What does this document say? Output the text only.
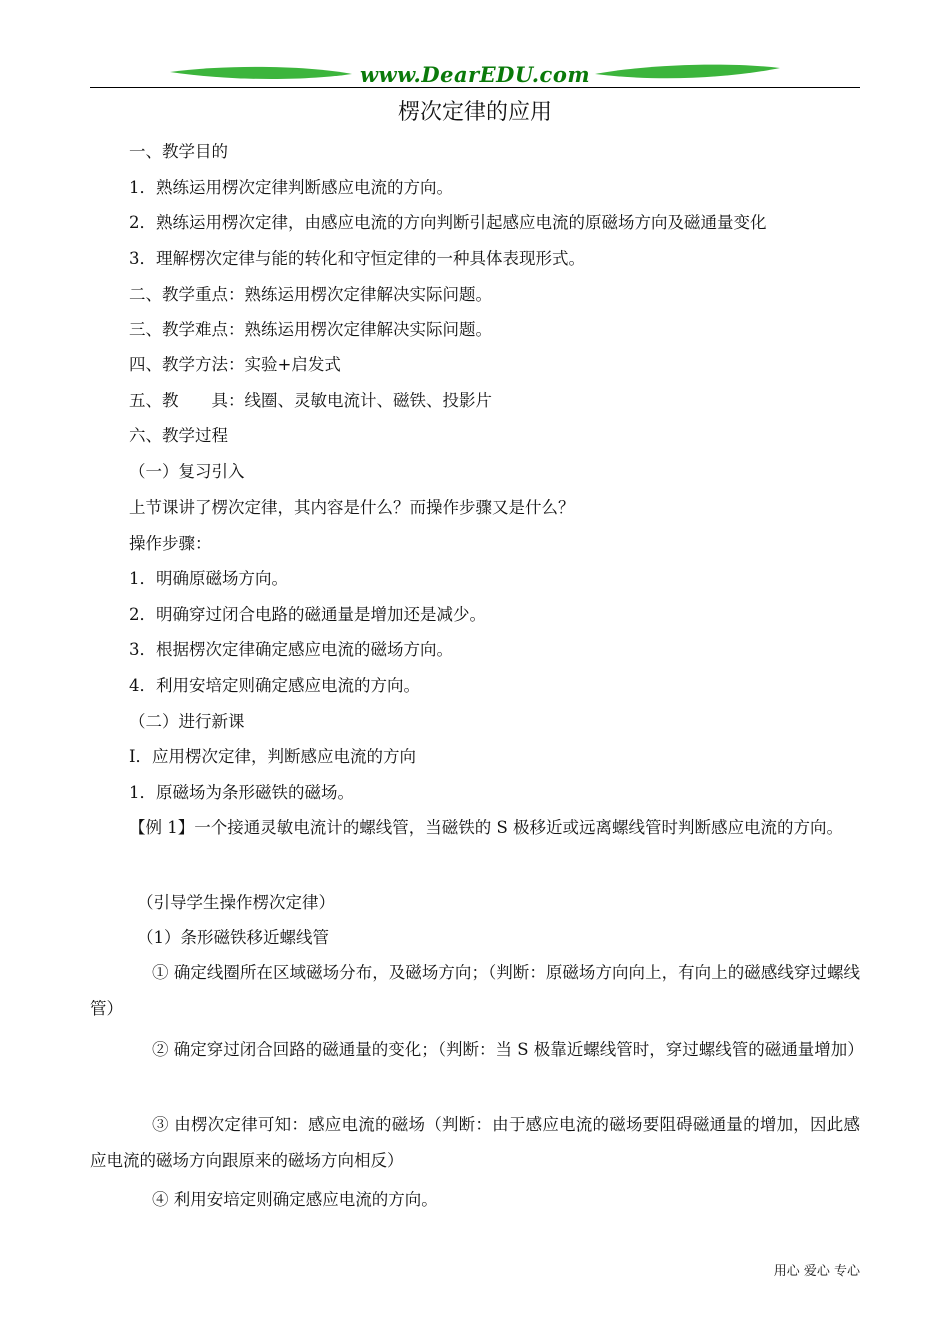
www.DearEDU.com
楞次定律的应用
一、教学目的
1．熟练运用楞次定律判断感应电流的方向。
2．熟练运用楞次定律，由感应电流的方向判断引起感应电流的原磁场方向及磁通量变化
3．理解楞次定律与能的转化和守恒定律的一种具体表现形式。
二、教学重点：熟练运用楞次定律解决实际问题。
三、教学难点：熟练运用楞次定律解决实际问题。
四、教学方法：实验+启发式
五、教　　具：线圈、灵敏电流计、磁铁、投影片
六、教学过程
（一）复习引入
上节课讲了楞次定律，其内容是什么？而操作步骤又是什么？
操作步骤：
1．明确原磁场方向。
2．明确穿过闭合电路的磁通量是增加还是减少。
3．根据楞次定律确定感应电流的磁场方向。
4．利用安培定则确定感应电流的方向。
（二）进行新课
I．应用楞次定律，判断感应电流的方向
1．原磁场为条形磁铁的磁场。
【例 1】一个接通灵敏电流计的螺线管，当磁铁的 S 极移近或远离螺线管时判断感应电流的方向。
（引导学生操作楞次定律）
（1）条形磁铁移近螺线管
① 确定线圈所在区域磁场分布，及磁场方向；（判断：原磁场方向向上，有向上的磁感线穿过螺线管）
② 确定穿过闭合回路的磁通量的变化；（判断：当 S 极靠近螺线管时，穿过螺线管的磁通量增加）
③ 由楞次定律可知：感应电流的磁场（判断：由于感应电流的磁场要阻碍磁通量的增加，因此感应电流的磁场方向跟原来的磁场方向相反）
④ 利用安培定则确定感应电流的方向。
用心 爱心 专心
